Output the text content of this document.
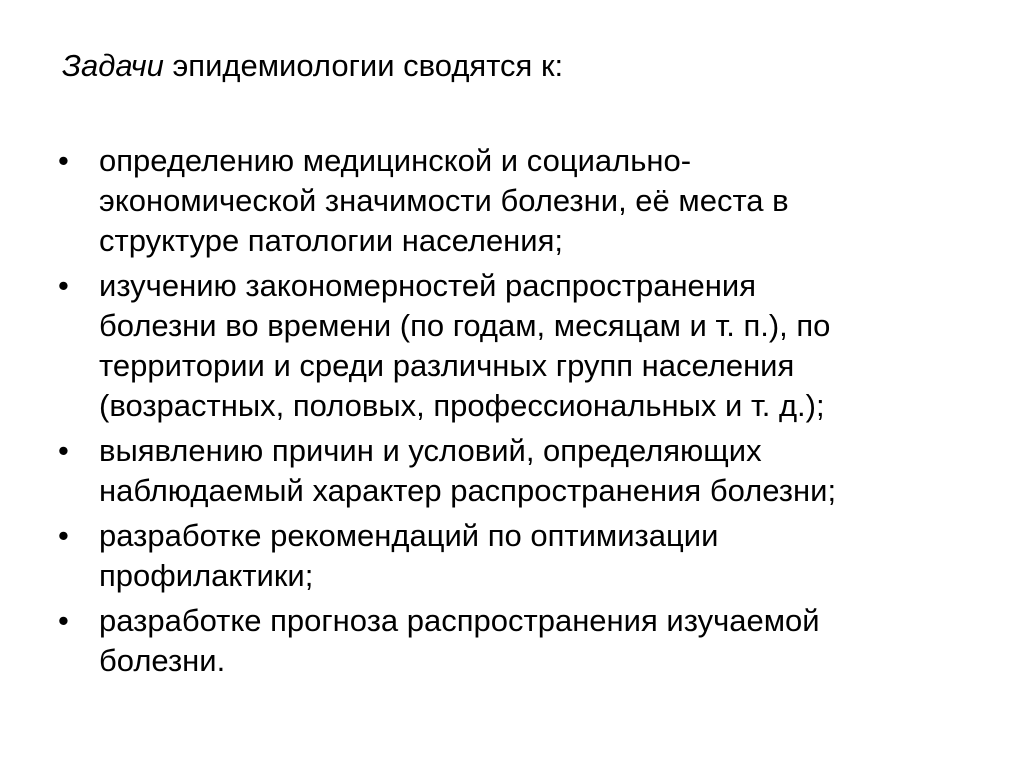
Задачи эпидемиологии сводятся к:
• определению медицинской и социально-
экономической значимости болезни, её места в
структуре патологии населения;
• изучению закономерностей распространения
болезни во времени (по годам, месяцам и т. п.), по
территории и среди различных групп населения
(возрастных, половых, профессиональных и т. д.);
• выявлению причин и условий, определяющих
наблюдаемый характер распространения болезни;
• разработке рекомендаций по оптимизации
профилактики;
• разработке прогноза распространения изучаемой
болезни.
